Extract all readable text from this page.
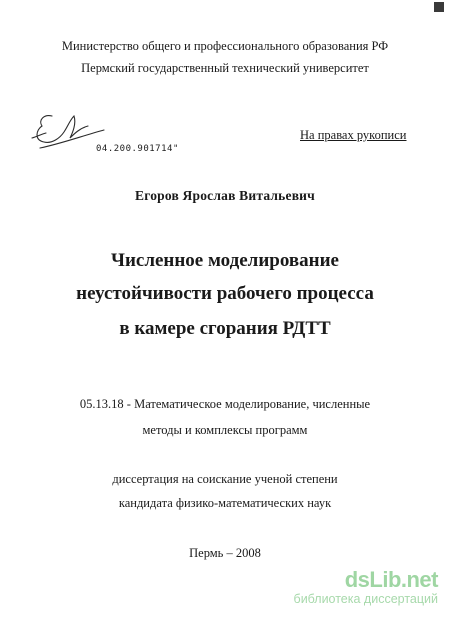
Министерство общего и профессионального образования РФ
Пермский государственный технический университет
04.200.901714"
На правах рукописи
Егоров Ярослав Витальевич
Численное моделирование
неустойчивости рабочего процесса
в камере сгорания РДТТ
05.13.18 - Математическое моделирование, численные
методы и комплексы программ
диссертация на соискание ученой степени
кандидата физико-математических наук
Пермь – 2008
dsLib.net
библиотека диссертаций
